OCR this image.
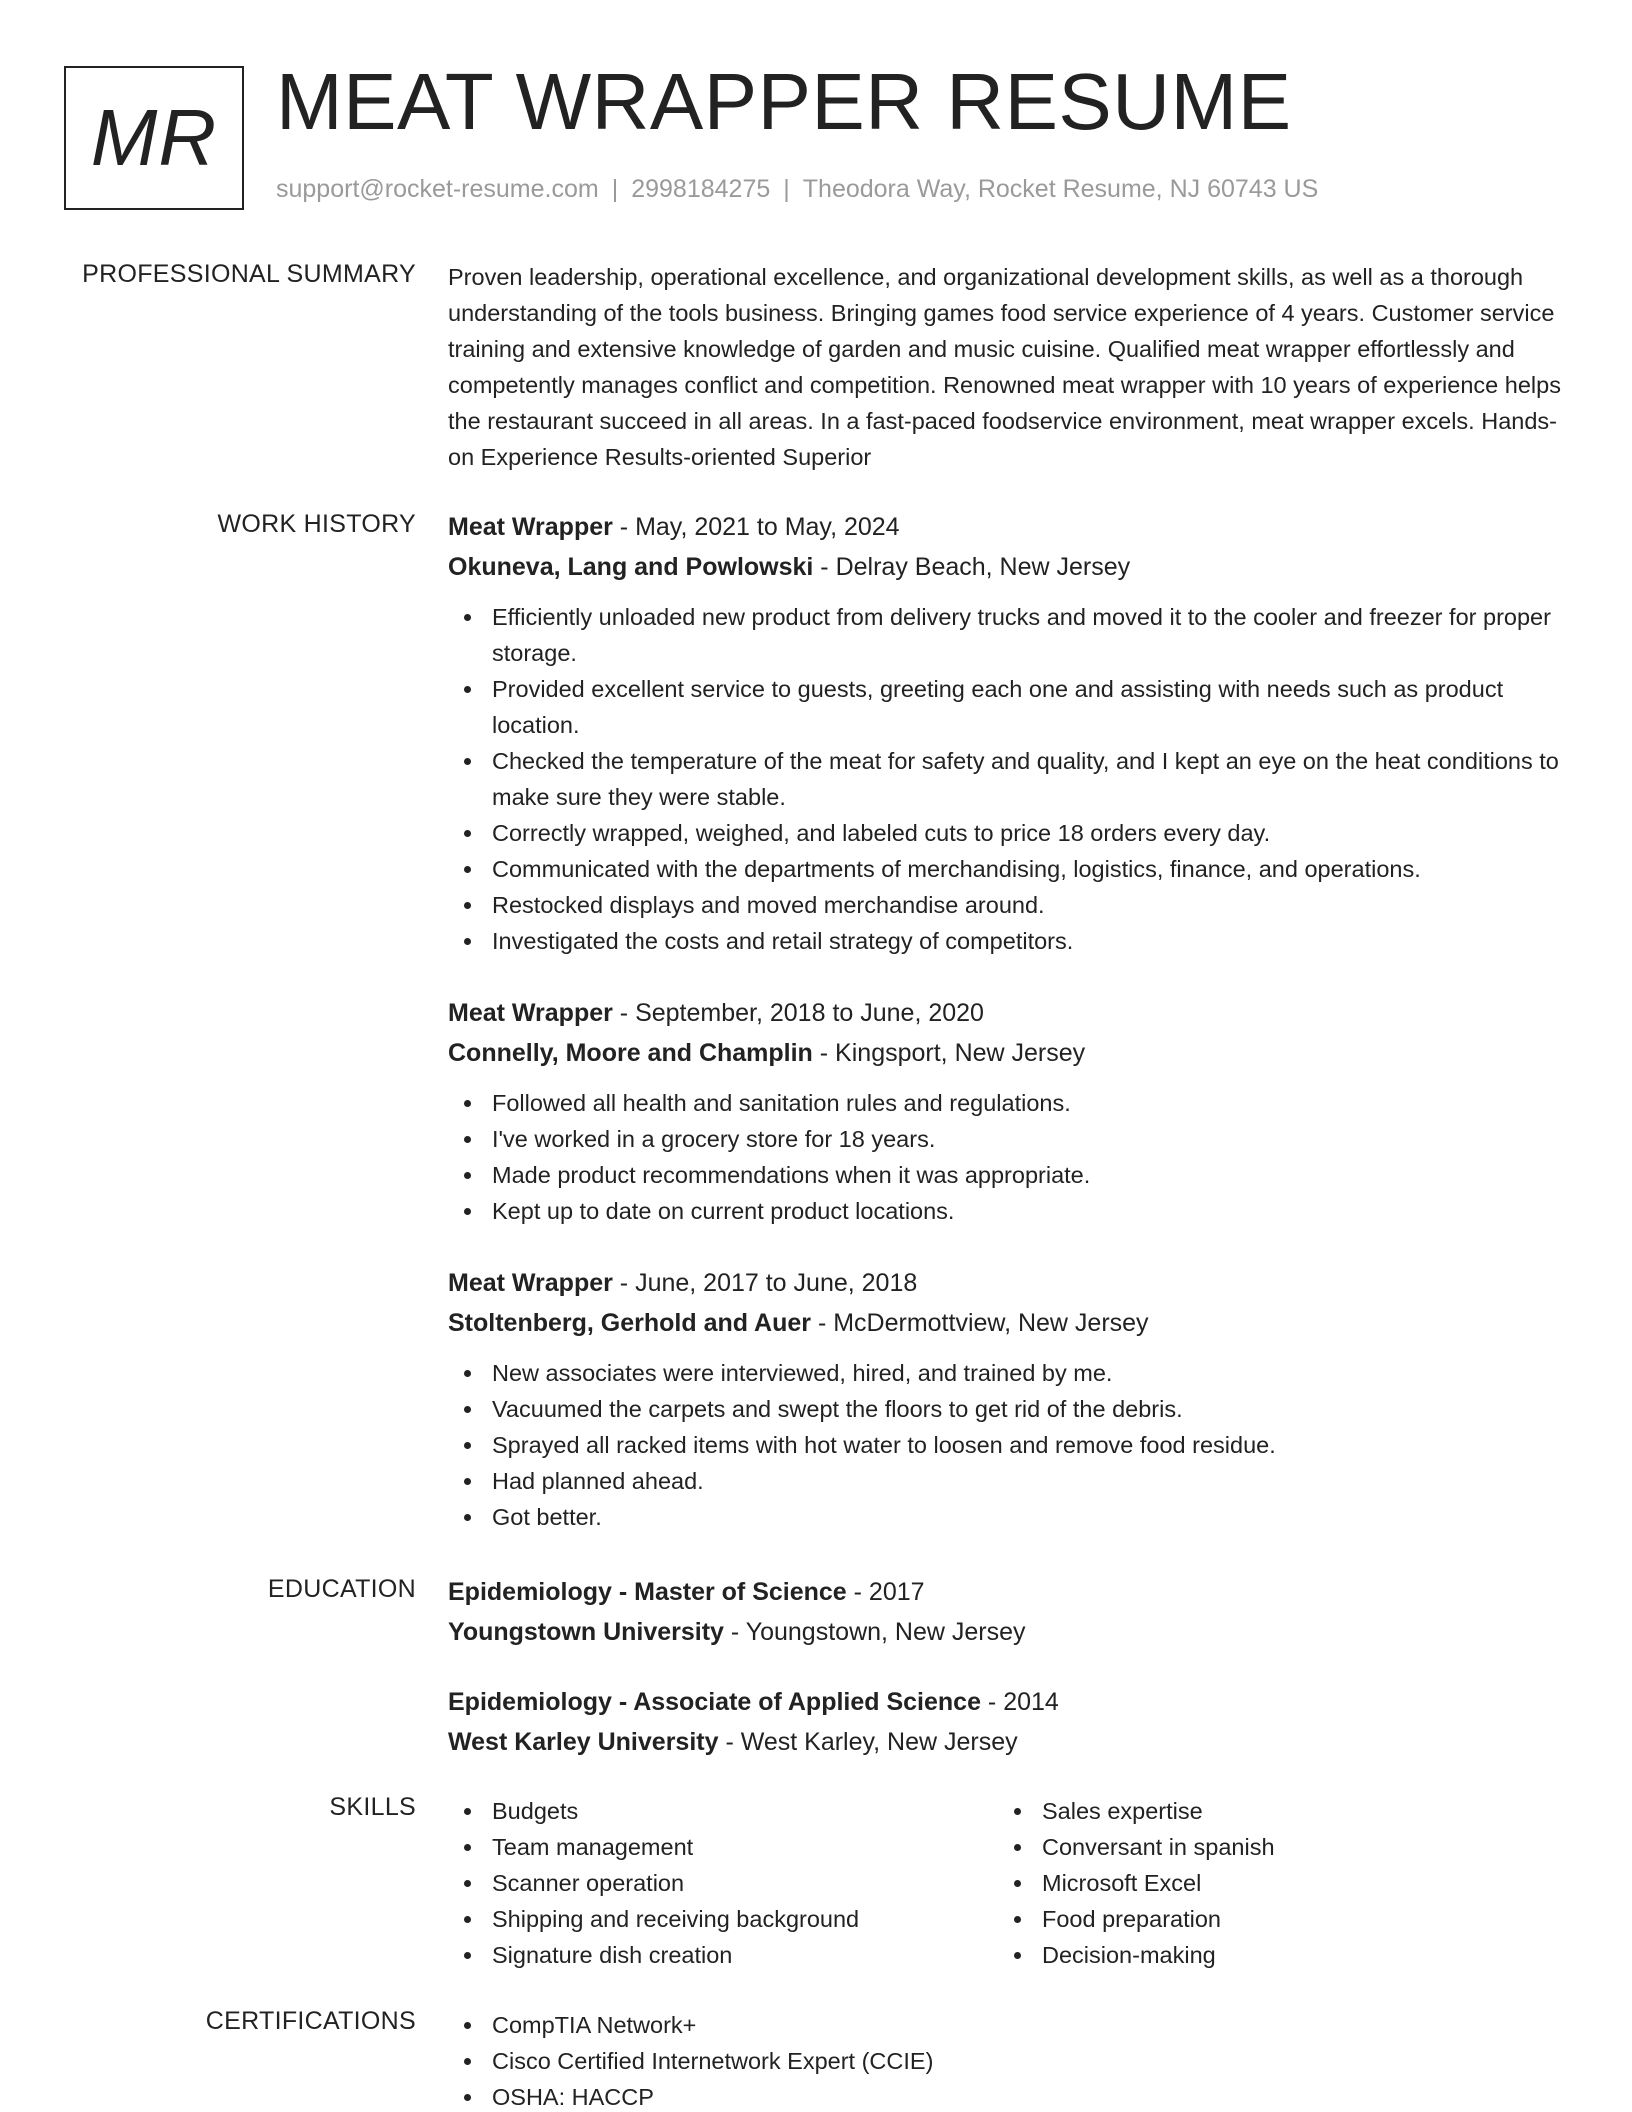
MR MEAT WRAPPER RESUME
support@rocket-resume.com | 2998184275 | Theodora Way, Rocket Resume, NJ 60743 US
PROFESSIONAL SUMMARY Proven leadership, operational excellence, and organizational development skills, as well as a thorough understanding of the tools business. Bringing games food service experience of 4 years. Customer service training and extensive knowledge of garden and music cuisine. Qualified meat wrapper effortlessly and competently manages conflict and competition. Renowned meat wrapper with 10 years of experience helps the restaurant succeed in all areas. In a fast-paced foodservice environment, meat wrapper excels. Hands-on Experience Results-oriented Superior

WORK HISTORY Meat Wrapper - May, 2021 to May, 2024
Okuneva, Lang and Powlowski - Delray Beach, New Jersey
Efficiently unloaded new product from delivery trucks and moved it to the cooler and freezer for proper storage.
Provided excellent service to guests, greeting each one and assisting with needs such as product location.
Checked the temperature of the meat for safety and quality, and I kept an eye on the heat conditions to make sure they were stable.
Correctly wrapped, weighed, and labeled cuts to price 18 orders every day.
Communicated with the departments of merchandising, logistics, finance, and operations.
Restocked displays and moved merchandise around.
Investigated the costs and retail strategy of competitors.
Meat Wrapper - September, 2018 to June, 2020
Connelly, Moore and Champlin - Kingsport, New Jersey
Followed all health and sanitation rules and regulations.
I've worked in a grocery store for 18 years.
Made product recommendations when it was appropriate.
Kept up to date on current product locations.
Meat Wrapper - June, 2017 to June, 2018
Stoltenberg, Gerhold and Auer - McDermottview, New Jersey
New associates were interviewed, hired, and trained by me.
Vacuumed the carpets and swept the floors to get rid of the debris.
Sprayed all racked items with hot water to loosen and remove food residue.
Had planned ahead.
Got better.
EDUCATION Epidemiology - Master of Science - 2017
Youngstown University - Youngstown, New Jersey
Epidemiology - Associate of Applied Science - 2014
West Karley University - West Karley, New Jersey
SKILLS	Budgets
Team management
Scanner operation
Shipping and receiving background
Signature dish creation
Sales expertise
Conversant in spanish
Microsoft Excel
Food preparation
Decision-making
CERTIFICATIONS	CompTIA Network+
Cisco Certified Internetwork Expert (CCIE)
OSHA: HACCP
